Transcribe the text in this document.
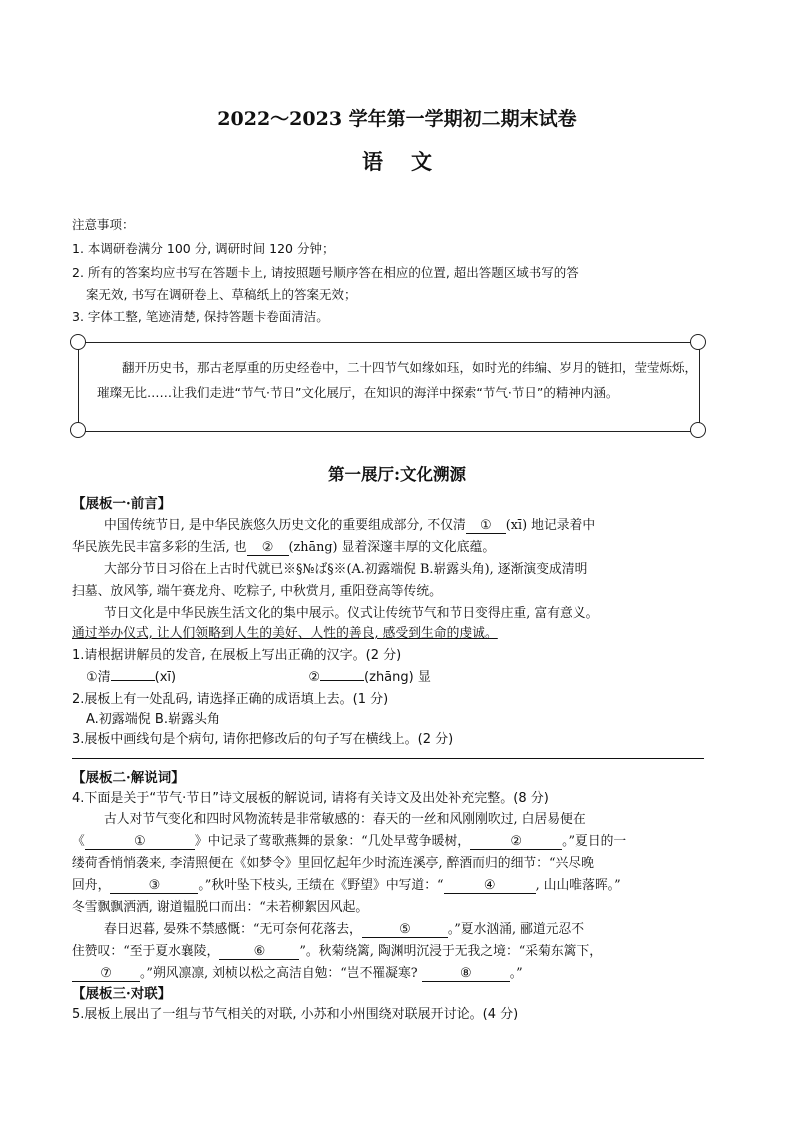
2022～2023 学年第一学期初二期末试卷
语文
注意事项：
1. 本调研卷满分 100 分, 调研时间 120 分钟；
2. 所有的答案均应书写在答题卡上, 请按照题号顺序答在相应的位置, 超出答题区域书写的答
案无效, 书写在调研卷上、草稿纸上的答案无效；
3. 字体工整, 笔迹清楚, 保持答题卡卷面清洁。
翻开历史书，那古老厚重的历史经卷中，二十四节气如缘如珏，如时光的纬编、岁月的链扣，莹莹烁烁，璀璨无比……让我们走进“节气·节日”文化展厅，在知识的海洋中探索“节气·节日”的精神内涵。
第一展厅:文化溯源
【展板一·前言】
中国传统节日, 是中华民族悠久历史文化的重要组成部分, 不仅清 ① (xī) 地记录着中
华民族先民丰富多彩的生活, 也 ② (zhāng) 显着深邃丰厚的文化底蕴。
大部分节日习俗在上古时代就已※§№ば§※(A.初露端倪 B.崭露头角), 逐渐演变成清明
扫墓、放风筝, 端午赛龙舟、吃粽子, 中秋赏月, 重阳登高等传统。
节日文化是中华民族生活文化的集中展示。仪式让传统节气和节日变得庄重, 富有意义。
通过举办仪式, 让人们领略到人生的美好、人性的善良, 感受到生命的虔诚。
1.请根据讲解员的发音, 在展板上写出正确的汉字。(2 分)
①清	(xī)	②	(zhāng) 显
2.展板上有一处乱码, 请选择正确的成语填上去。(1 分)
A.初露端倪 B.崭露头角
3.展板中画线句是个病句, 请你把修改后的句子写在横线上。(2 分)
【展板二·解说词】
4.下面是关于“节气·节日”诗文展板的解说词, 请将有关诗文及出处补充完整。(8 分)
古人对节气变化和四时风物流转是非常敏感的：春天的一丝和风刚刚吹过, 白居易便在
《	①	》中记录了莺歌燕舞的景象：“几处早莺争暖树，	②	。”夏日的一
缕荷香悄悄袭来, 李清照便在《如梦令》里回忆起年少时流连溪亭, 醉酒而归的细节：“兴尽晚
回舟，	③	。”秋叶坠下枝头, 王绩在《野望》中写道：“	④	, 山山唯落晖。”
冬雪飘飘洒洒, 谢道韫脱口而出：“未若柳絮因风起。
春日迟暮, 晏殊不禁感慨：“无可奈何花落去，	⑤	。”夏水汹涌, 郦道元忍不
住赞叹：“至于夏水襄陵，	⑥	”。秋菊绕篱, 陶渊明沉浸于无我之境：“采菊东篱下，
⑦ 。”朔风凛凛, 刘桢以松之高洁自勉：“岂不罹凝寒?	⑧	。”
【展板三·对联】
5.展板上展出了一组与节气相关的对联, 小苏和小州围绕对联展开讨论。(4 分)
